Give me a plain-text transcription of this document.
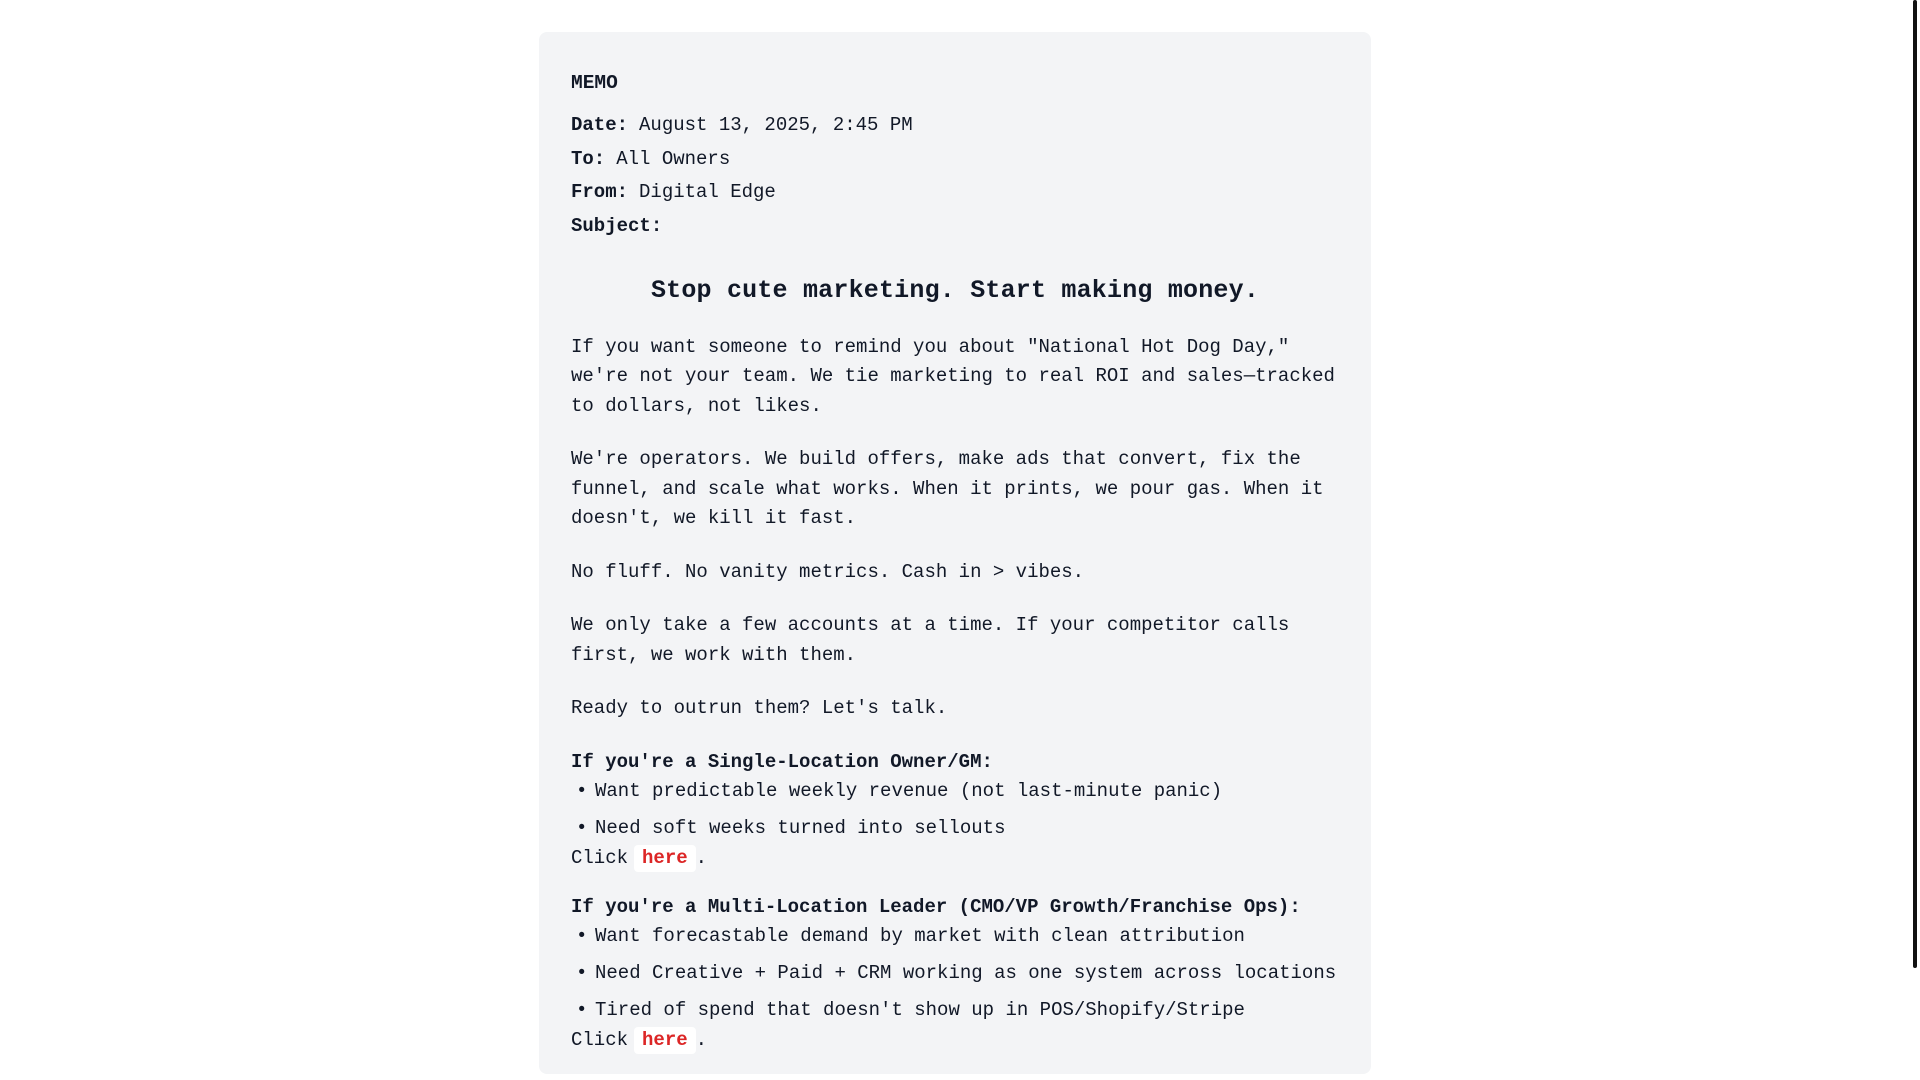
MEMO
Date: August 13, 2025, 2:45 PM
To: All Owners
From: Digital Edge
Subject:
Stop cute marketing. Start making money.

If you want someone to remind you about "National Hot Dog Day," we're not your team. We tie marketing to real ROI and sales—tracked to dollars, not likes.

We're operators. We build offers, make ads that convert, fix the funnel, and scale what works. When it prints, we pour gas. When it doesn't, we kill it fast.

No fluff. No vanity metrics. Cash in > vibes.

We only take a few accounts at a time. If your competitor calls first, we work with them.

Ready to outrun them? Let's talk.

If you're a Single-Location Owner/GM:
• Want predictable weekly revenue (not last-minute panic)
• Need soft weeks turned into sellouts
Click here .
If you're a Multi-Location Leader (CMO/VP Growth/Franchise Ops):
• Want forecastable demand by market with clean attribution
• Need Creative + Paid + CRM working as one system across locations
• Tired of spend that doesn't show up in POS/Shopify/Stripe
Click here .
